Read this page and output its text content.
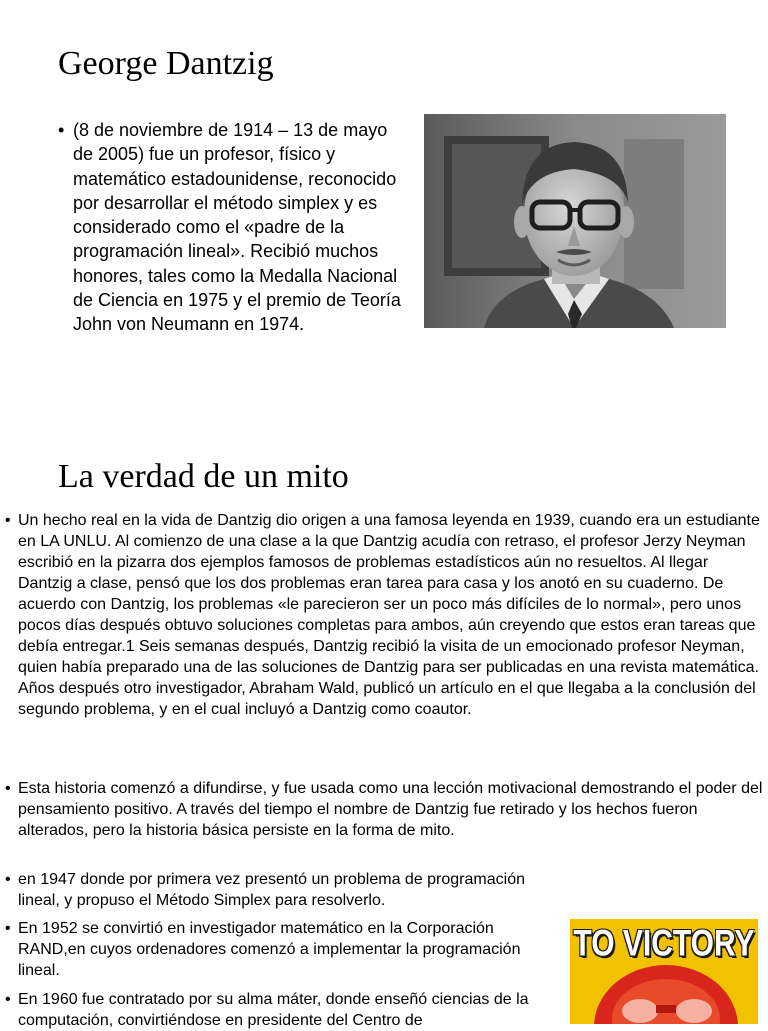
George Dantzig
• (8 de noviembre de 1914 – 13 de mayo de 2005) fue un profesor, físico y matemático estadounidense, reconocido por desarrollar el método simplex y es considerado como el «padre de la programación lineal». Recibió muchos honores, tales como la Medalla Nacional de Ciencia en 1975 y el premio de Teoría John von Neumann en 1974.
La verdad de un mito
• Un hecho real en la vida de Dantzig dio origen a una famosa leyenda en 1939, cuando era un estudiante en LA UNLU. Al comienzo de una clase a la que Dantzig acudía con retraso, el profesor Jerzy Neyman escribió en la pizarra dos ejemplos famosos de problemas estadísticos aún no resueltos. Al llegar Dantzig a clase, pensó que los dos problemas eran tarea para casa y los anotó en su cuaderno. De acuerdo con Dantzig, los problemas «le parecieron ser un poco más difíciles de lo normal», pero unos pocos días después obtuvo soluciones completas para ambos, aún creyendo que estos eran tareas que debía entregar.1 Seis semanas después, Dantzig recibió la visita de un emocionado profesor Neyman, quien había preparado una de las soluciones de Dantzig para ser publicadas en una revista matemática. Años después otro investigador, Abraham Wald, publicó un artículo en el que llegaba a la conclusión del segundo problema, y en el cual incluyó a Dantzig como coautor.
• Esta historia comenzó a difundirse, y fue usada como una lección motivacional demostrando el poder del pensamiento positivo. A través del tiempo el nombre de Dantzig fue retirado y los hechos fueron alterados, pero la historia básica persiste en la forma de mito.
• en 1947 donde por primera vez presentó un problema de programación lineal, y propuso el Método Simplex para resolverlo.
• En 1952 se convirtió en investigador matemático en la Corporación RAND,en cuyos ordenadores comenzó a implementar la programación lineal.
• En 1960 fue contratado por su alma máter, donde enseñó ciencias de la computación, convirtiéndose en presidente del Centro de
TO VICTORY
